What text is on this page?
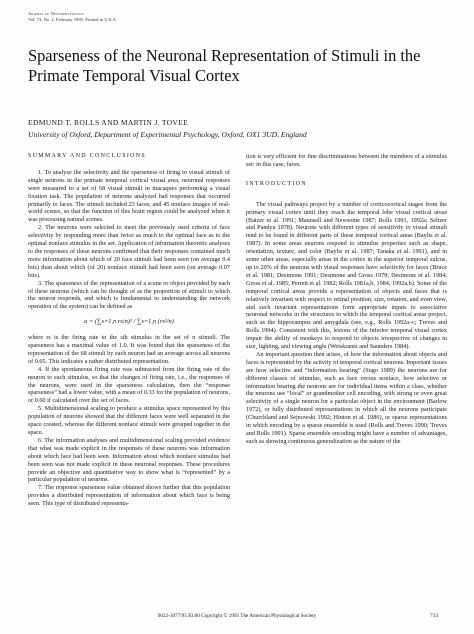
Journal of Neurophysiology
Vol. 73, No. 2, February 1995. Printed in U.S.A.
Sparseness of the Neuronal Representation of Stimuli in the Primate Temporal Visual Cortex
EDMUND T. ROLLS AND MARTIN J. TOVEE
University of Oxford, Department of Experimental Psychology, Oxford, OX1 3UD, England
SUMMARY AND CONCLUSIONS

1. To analyze the selectivity and the sparseness of firing to visual stimuli of single neurons in the primate temporal cortical visual area, neuronal responses were measured to a set of 68 visual stimuli in macaques performing a visual fixation task. The population of neurons analyzed had responses that occurred primarily to faces. The stimuli included 23 faces, and 45 nonface images of real-world scenes, so that the function of this brain region could be analyzed when it was processing natural scenes.

2. The neurons were selected to meet the previously used criteria of face selectivity by responding more than twice as much to the optimal face as to the optimal nonface stimulus in the set. Application of information theoretic analyses to the responses of these neurons confirmed that their responses contained much more information about which of 20 face stimuli had been seen (on average 0.4 bits) than about which (of 20) nonface stimuli had been seen (on average 0.07 bits).

3. The sparseness of the representation of a scene or object provided by each of these neurons (which can be thought of as the proportion of stimuli to which the neuron responds, and which is fundamental to understanding the network operation of the system) can be defined as

a = (∑s=1,n rs/n)² / ∑s=1,n (rs²/n)

where rs is the firing rate to the sth stimulus in the set of n stimuli. The sparseness has a maximal value of 1.0. It was found that the sparseness of the representation of the 68 stimuli by each neuron had an average across all neurons of 0.65. This indicates a rather distributed representation.

4. If the spontaneous firing rate was subtracted from the firing rate of the neuron to each stimulus, so that the changes of firing rate, i.e., the responses of the neurons, were used in the sparseness calculation, then the “response sparseness” had a lower value, with a mean of 0.33 for the population of neurons, or 0.60 if calculated over the set of faces.

5. Multidimensional scaling to produce a stimulus space represented by this population of neurons showed that the different faces were well separated in the space created, whereas the different nonface stimuli were grouped together in the space.

6. The information analyses and multidimensional scaling provided evidence that what was made explicit in the responses of these neurons was information about which face had been seen. Information about which nonface stimulus had been seen was not made explicit in these neuronal responses. These procedures provide an objective and quantitative way to show what is “represented” by a particular population of neurons.

7. The response sparseness value obtained shows further that this population provides a distributed representation of information about which face is being seen. This type of distributed representa-

tion is very efficient for fine discriminations between the members of a stimulus set: in this case, faces.

INTRODUCTION

The visual pathways project by a number of corticocortical stages from the primary visual cortex until they reach the temporal lobe visual cortical areas (Baizer et al. 1991; Maunsell and Newsome 1987; Rolls 1991, 1992a; Seltzer and Pandya 1978). Neurons with different types of sensitivity to visual stimuli tend to be found in different parts of these temporal cortical areas (Baylis et al. 1987). In some areas neurons respond to stimulus properties such as shape, orientation, texture, and color (Baylis et al. 1987; Tanaka et al. 1991), and in some other areas, especially areas in the cortex in the superior temporal sulcus, up to 20% of the neurons with visual responses have selectivity for faces (Bruce et al. 1981; Desimone 1991; Desimone and Gross 1979; Desimone et al. 1984; Gross et al. 1985; Perrett et al. 1982; Rolls 1981a,b, 1984, 1992a,b). Some of the temporal cortical areas provide a representation of objects and faces that is relatively invariant with respect to retinal position, size, rotation, and even view, and such invariant representations form appropriate inputs to associative neuronal networks in the structures to which the temporal cortical areas project, such as the hippocampus and amygdala (see, e.g., Rolls 1992a–c; Treves and Rolls 1994). Consistent with this, lesions of the inferior temporal visual cortex impair the ability of monkeys to respond to objects irrespective of changes in size, lighting, and viewing angle (Weiskrantz and Saunders 1984).

An important question then arises, of how the information about objects and faces is represented by the activity of temporal cortical neurons. Important issues are how selective and “information bearing” (Sugo 1989) the neurons are for different classes of stimulus, such as face versus nonface, how selective or information bearing the neurons are for individual items within a class, whether the neurons use “local” or grandmother cell encoding, with strong or even great selectivity of a single neuron for a particular object in the environment (Barlow 1972), or fully distributed representations in which all the neurons participate (Churchland and Sejnowski 1992; Hinton et al. 1986), or sparse representations in which encoding by a sparse ensemble is used (Rolls and Treves 1990; Treves and Rolls 1991). Sparse ensemble encoding might have a number of advantages, such as showing continuous generalization as the nature of the

0022-3077/95 $3.00 Copyright © 1995 The American Physiological Society	713
